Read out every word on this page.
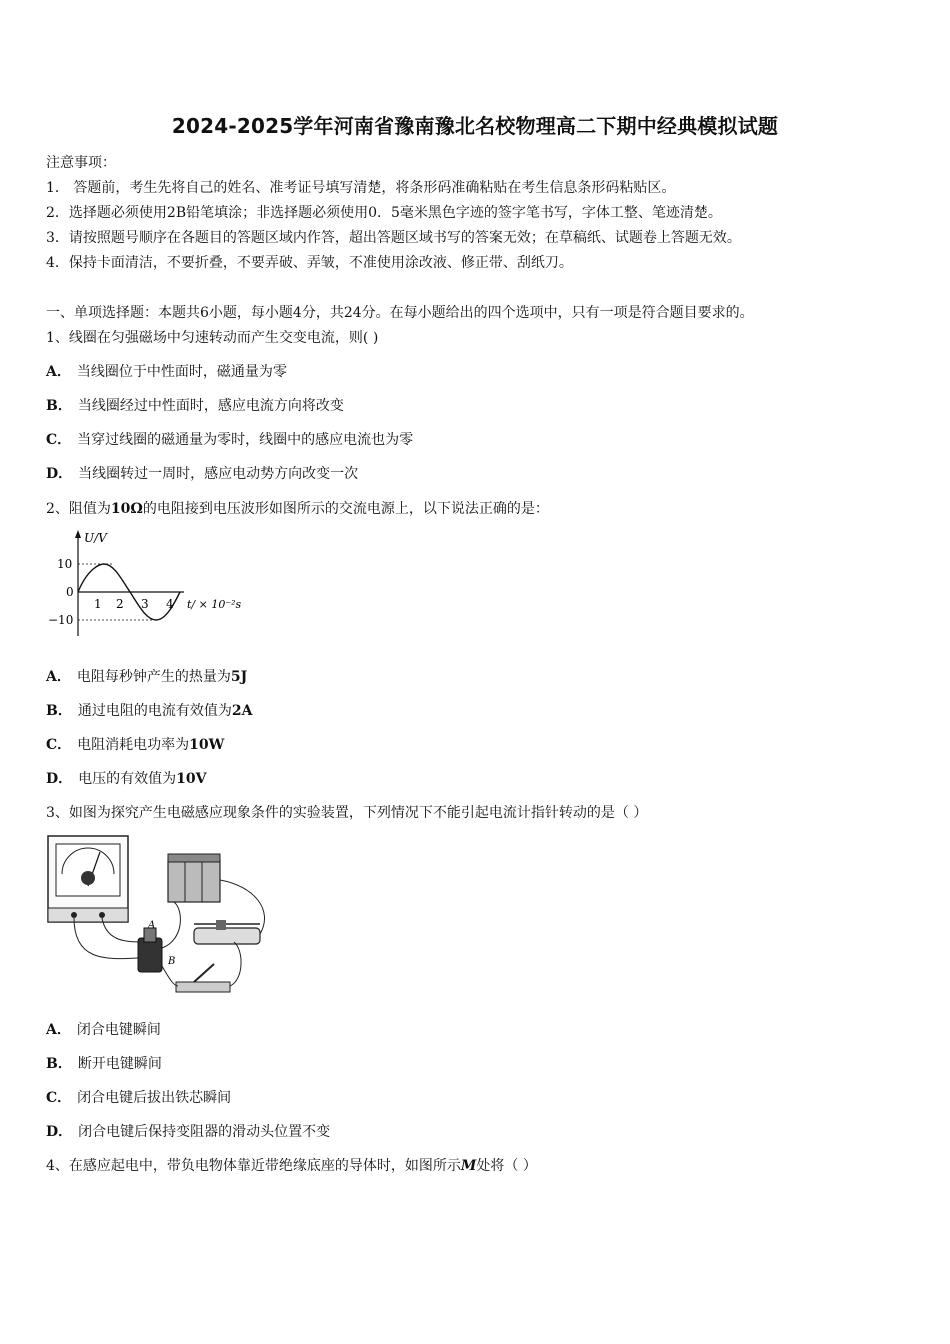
2024-2025学年河南省豫南豫北名校物理高二下期中经典模拟试题
注意事项：
1． 答题前，考生先将自己的姓名、准考证号填写清楚，将条形码准确粘贴在考生信息条形码粘贴区。
2．选择题必须使用2B铅笔填涂；非选择题必须使用0．5毫米黑色字迹的签字笔书写，字体工整、笔迹清楚。
3．请按照题号顺序在各题目的答题区域内作答，超出答题区域书写的答案无效；在草稿纸、试题卷上答题无效。
4．保持卡面清洁，不要折叠，不要弄破、弄皱，不准使用涂改液、修正带、刮纸刀。
一、单项选择题：本题共6小题，每小题4分，共24分。在每小题给出的四个选项中，只有一项是符合题目要求的。
1、线圈在匀强磁场中匀速转动而产生交变电流，则( )
A． 当线圈位于中性面时，磁通量为零
B． 当线圈经过中性面时，感应电流方向将改变
C． 当穿过线圈的磁通量为零时，线圈中的感应电流也为零
D． 当线圈转过一周时，感应电动势方向改变一次
2、阻值为10Ω的电阻接到电压波形如图所示的交流电源上，以下说法正确的是：
U/V
10
0
−10
1 2 3 4 t/ × 10⁻²s
A． 电阻每秒钟产生的热量为5J
B． 通过电阻的电流有效值为2A
C． 电阻消耗电功率为10W
D． 电压的有效值为10V
3、如图为探究产生电磁感应现象条件的实验装置，下列情况下不能引起电流计指针转动的是（ ）
A
B
A． 闭合电键瞬间
B． 断开电键瞬间
C． 闭合电键后拔出铁芯瞬间
D． 闭合电键后保持变阻器的滑动头位置不变
4、在感应起电中，带负电物体靠近带绝缘底座的导体时，如图所示M处将（ ）
